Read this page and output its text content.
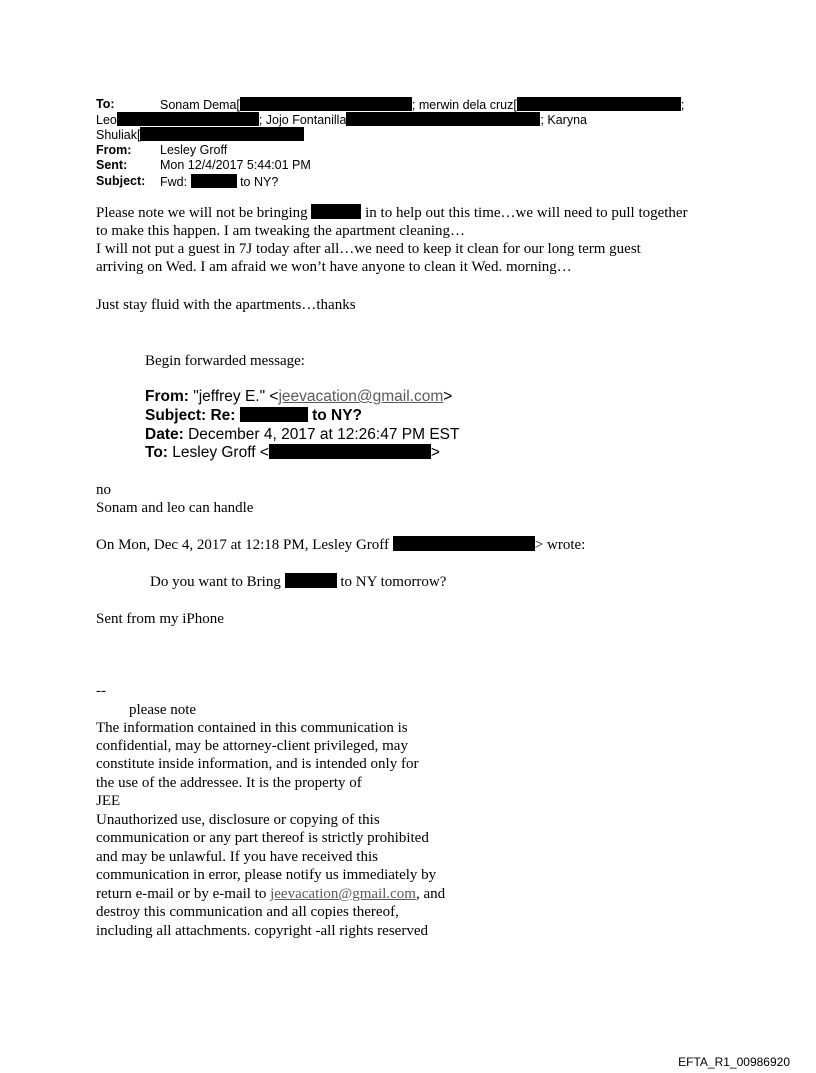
To:	Sonam Dema[	; merwin dela cruz[	;
Leo	; Jojo Fontanilla	; Karyna
Shuliak[
From: Lesley Groff
Sent:	Mon 12/4/2017 5:44:01 PM
Subject: Fwd:	to NY?
Please note we will not be bringing	in to help out this time…we will need to pull together
to make this happen. I am tweaking the apartment cleaning…
I will not put a guest in 7J today after all…we need to keep it clean for our long term guest
arriving on Wed. I am afraid we won’t have anyone to clean it Wed. morning…
Just stay fluid with the apartments…thanks
Begin forwarded message:
From: "jeffrey E." <jeevacation@gmail.com>
Subject: Re:	to NY?
Date: December 4, 2017 at 12:26:47 PM EST
To: Lesley Groff <	>
no
Sonam and leo can handle
On Mon, Dec 4, 2017 at 12:18 PM, Lesley Groff	> wrote:
Do you want to Bring	to NY tomorrow?
Sent from my iPhone
--
please note
The information contained in this communication is
confidential, may be attorney-client privileged, may
constitute inside information, and is intended only for
the use of the addressee. It is the property of
JEE
Unauthorized use, disclosure or copying of this
communication or any part thereof is strictly prohibited
and may be unlawful. If you have received this
communication in error, please notify us immediately by
return e-mail or by e-mail to jeevacation@gmail.com, and
destroy this communication and all copies thereof,
including all attachments. copyright -all rights reserved
EFTA_R1_00986920
